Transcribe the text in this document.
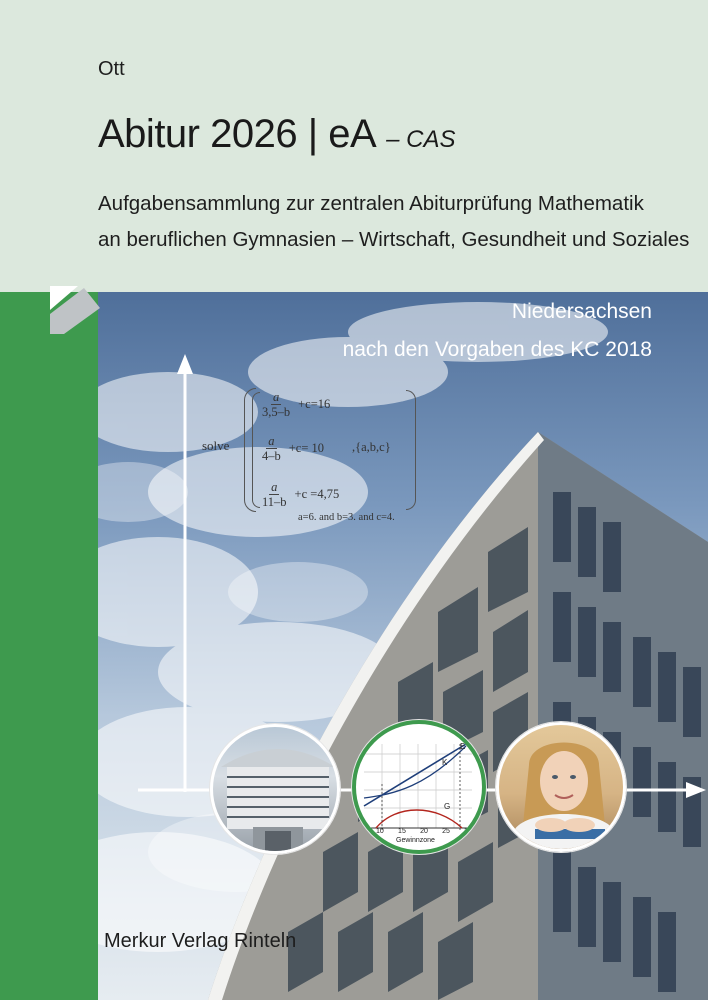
Ott
Abitur 2026 | eA – CAS
Aufgabensammlung zur zentralen Abiturprüfung Mathematik
an beruflichen Gymnasien – Wirtschaft, Gesundheit und Soziales
Niedersachsen
nach den Vorgaben des KC 2018
solve
$\frac{a}{3,5-b} +c=16$
$\frac{a}{4-b} +c= 10$
$\frac{a}{11-b} +c =4,75$
,{a,b,c}
a=6. and b=3. and c=4.
E
K
G
10 15 20 25 30
Gewinnzone
Merkur Verlag Rinteln
